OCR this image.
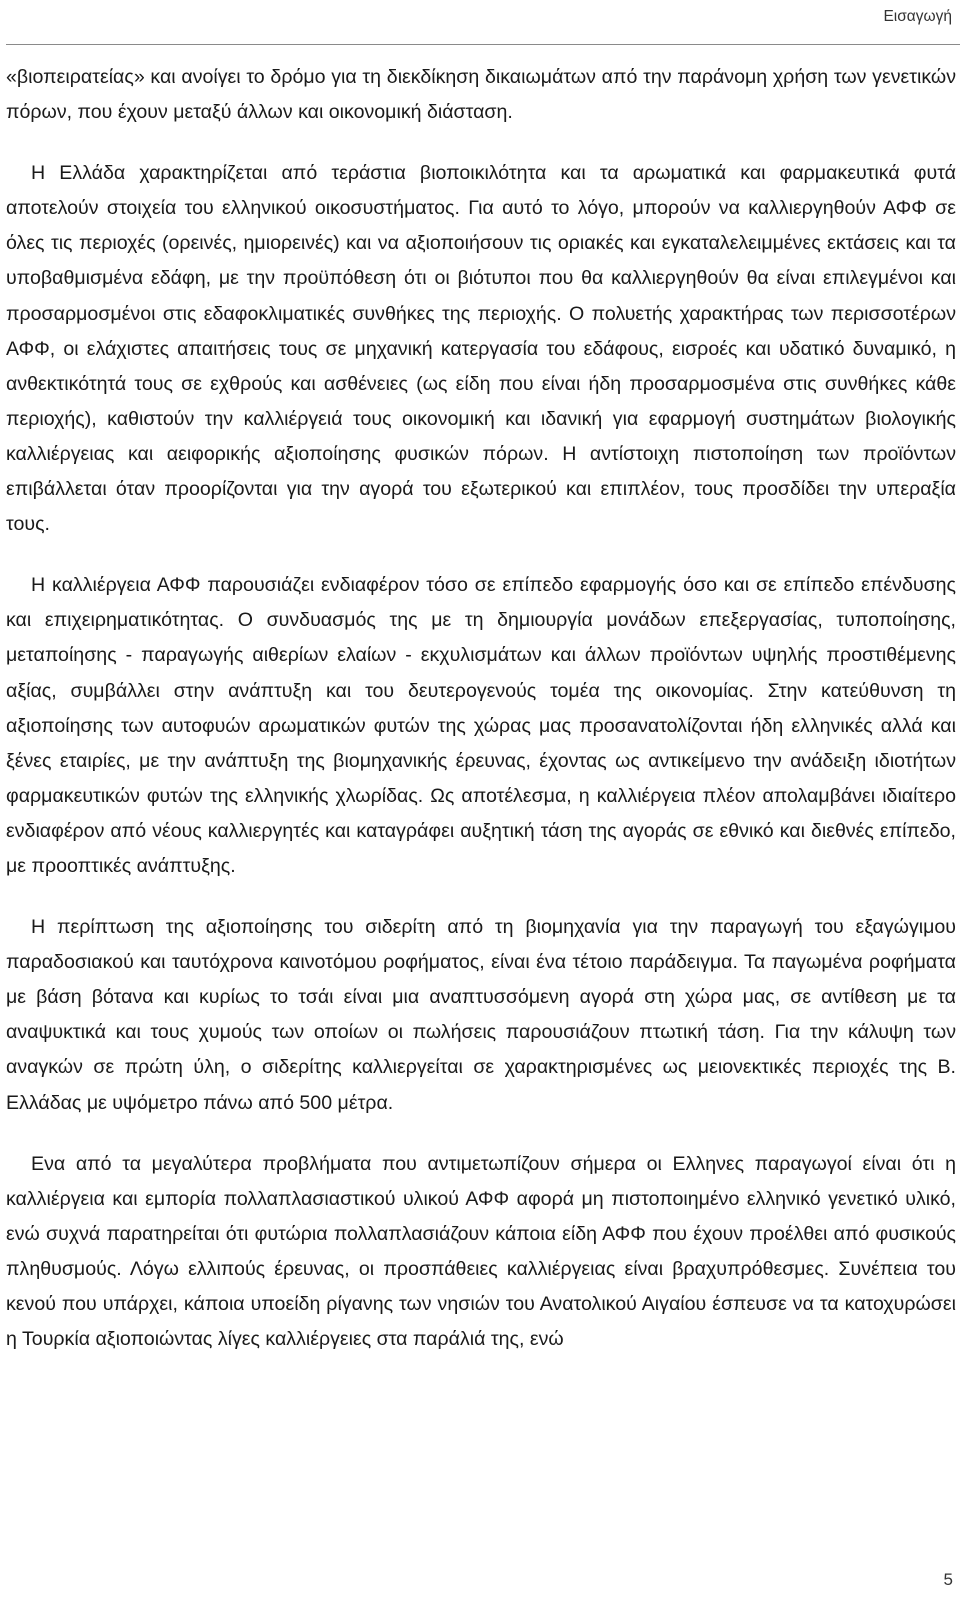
Εισαγωγή

«βιοπειρατείας» και ανοίγει το δρόμο για τη διεκδίκηση δικαιωμάτων από την παράνομη χρήση των γενετικών πόρων, που έχουν μεταξύ άλλων και οικονομική διάσταση.

Η Ελλάδα χαρακτηρίζεται από τεράστια βιοποικιλότητα και τα αρωματικά και φαρμακευτικά φυτά αποτελούν στοιχεία του ελληνικού οικοσυστήματος. Για αυτό το λόγο, μπορούν να καλλιεργηθούν ΑΦΦ σε όλες τις περιοχές (ορεινές, ημιορεινές) και να αξιοποιήσουν τις οριακές και εγκαταλελειμμένες εκτάσεις και τα υποβαθμισμένα εδάφη, με την προϋπόθεση ότι οι βιότυποι που θα καλλιεργηθούν θα είναι επιλεγμένοι και προσαρμοσμένοι στις εδαφοκλιματικές συνθήκες της περιοχής. Ο πολυετής χαρακτήρας των περισσοτέρων ΑΦΦ, οι ελάχιστες απαιτήσεις τους σε μηχανική κατεργασία του εδάφους, εισροές και υδατικό δυναμικό, η ανθεκτικότητά τους σε εχθρούς και ασθένειες (ως είδη που είναι ήδη προσαρμοσμένα στις συνθήκες κάθε περιοχής), καθιστούν την καλλιέργειά τους οικονομική και ιδανική για εφαρμογή συστημάτων βιολογικής καλλιέργειας και αειφορικής αξιοποίησης φυσικών πόρων. Η αντίστοιχη πιστοποίηση των προϊόντων επιβάλλεται όταν προορίζονται για την αγορά του εξωτερικού και επιπλέον, τους προσδίδει την υπεραξία τους.

Η καλλιέργεια ΑΦΦ παρουσιάζει ενδιαφέρον τόσο σε επίπεδο εφαρμογής όσο και σε επίπεδο επένδυσης και επιχειρηματικότητας. Ο συνδυασμός της με τη δημιουργία μονάδων επεξεργασίας, τυποποίησης, μεταποίησης - παραγωγής αιθερίων ελαίων - εκχυλισμάτων και άλλων προϊόντων υψηλής προστιθέμενης αξίας, συμβάλλει στην ανάπτυξη και του δευτερογενούς τομέα της οικονομίας. Στην κατεύθυνση τη αξιοποίησης των αυτοφυών αρωματικών φυτών της χώρας μας προσανατολίζονται ήδη ελληνικές αλλά και ξένες εταιρίες, με την ανάπτυξη της βιομηχανικής έρευνας, έχοντας ως αντικείμενο την ανάδειξη ιδιοτήτων φαρμακευτικών φυτών της ελληνικής χλωρίδας. Ως αποτέλεσμα, η καλλιέργεια πλέον απολαμβάνει ιδιαίτερο ενδιαφέρον από νέους καλλιεργητές και καταγράφει αυξητική τάση της αγοράς σε εθνικό και διεθνές επίπεδο, με προοπτικές ανάπτυξης.

Η περίπτωση της αξιοποίησης του σιδερίτη από τη βιομηχανία για την παραγωγή του εξαγώγιμου παραδοσιακού και ταυτόχρονα καινοτόμου ροφήματος, είναι ένα τέτοιο παράδειγμα. Τα παγωμένα ροφήματα με βάση βότανα και κυρίως το τσάι είναι μια αναπτυσσόμενη αγορά στη χώρα μας, σε αντίθεση με τα αναψυκτικά και τους χυμούς των οποίων οι πωλήσεις παρουσιάζουν πτωτική τάση. Για την κάλυψη των αναγκών σε πρώτη ύλη, ο σιδερίτης καλλιεργείται σε χαρακτηρισμένες ως μειονεκτικές περιοχές της Β. Ελλάδας με υψόμετρο πάνω από 500 μέτρα.

Ενα από τα μεγαλύτερα προβλήματα που αντιμετωπίζουν σήμερα οι Ελληνες παραγωγοί είναι ότι η καλλιέργεια και εμπορία πολλαπλασιαστικού υλικού ΑΦΦ αφορά μη πιστοποιημένο ελληνικό γενετικό υλικό, ενώ συχνά παρατηρείται ότι φυτώρια πολλαπλασιάζουν κάποια είδη ΑΦΦ που έχουν προέλθει από φυσικούς πληθυσμούς. Λόγω ελλιπούς έρευνας, οι προσπάθειες καλλιέργειας είναι βραχυπρόθεσμες. Συνέπεια του κενού που υπάρχει, κάποια υποείδη ρίγανης των νησιών του Ανατολικού Αιγαίου έσπευσε να τα κατοχυρώσει η Τουρκία αξιοποιώντας λίγες καλλιέργειες στα παράλιά της, ενώ

5
